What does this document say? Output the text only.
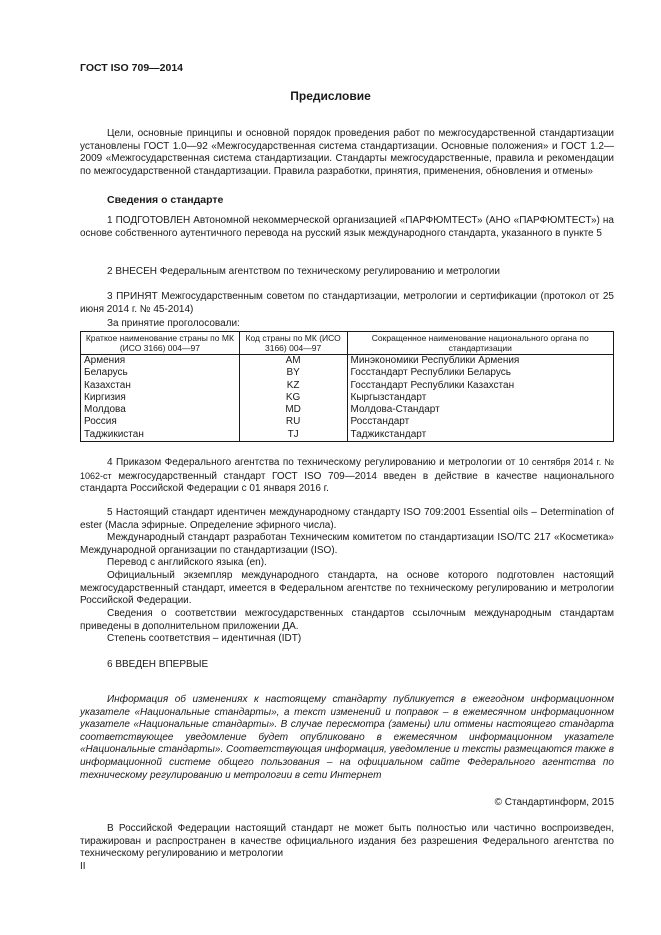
ГОСТ ISO 709—2014
Предисловие

Цели, основные принципы и основной порядок проведения работ по межгосударственной стандартизации установлены ГОСТ 1.0—92 «Межгосударственная система стандартизации. Основные положения» и ГОСТ 1.2—2009 «Межгосударственная система стандартизации. Стандарты межгосударственные, правила и рекомендации по межгосударственной стандартизации. Правила разработки, принятия, применения, обновления и отмены»

Сведения о стандарте

1 ПОДГОТОВЛЕН Автономной некоммерческой организацией «ПАРФЮМТЕСТ» (АНО «ПАРФЮМТЕСТ») на основе собственного аутентичного перевода на русский язык международного стандарта, указанного в пункте 5

2 ВНЕСЕН Федеральным агентством по техническому регулированию и метрологии

3 ПРИНЯТ Межгосударственным советом по стандартизации, метрологии и сертификации (протокол от 25 июня 2014 г. № 45-2014)

За принятие проголосовали:

Краткое наименование страны по МК (ИСО 3166) 004—97	Код страны по МК (ИСО 3166) 004—97	Сокращенное наименование национального органа по стандартизации
Армения	AM	Минэкономики Республики Армения
Беларусь	BY	Госстандарт Республики Беларусь
Казахстан	KZ	Госстандарт Республики Казахстан
Киргизия	KG	Кыргызстандарт
Молдова	MD	Молдова-Стандарт
Россия	RU	Росстандарт
Таджикистан	TJ	Таджикстандарт

4 Приказом Федерального агентства по техническому регулированию и метрологии от 10 сентября 2014 г. № 1062-ст межгосударственный стандарт ГОСТ ISO 709—2014 введен в действие в качестве национального стандарта Российской Федерации с 01 января 2016 г.

5 Настоящий стандарт идентичен международному стандарту ISO 709:2001 Essential oils – Determination of ester (Масла эфирные. Определение эфирного числа).

Международный стандарт разработан Техническим комитетом по стандартизации ISO/TC 217 «Косметика» Международной организации по стандартизации (ISO).

Перевод с английского языка (en).

Официальный экземпляр международного стандарта, на основе которого подготовлен настоящий межгосударственный стандарт, имеется в Федеральном агентстве по техническому регулированию и метрологии Российской Федерации.

Сведения о соответствии межгосударственных стандартов ссылочным международным стандартам приведены в дополнительном приложении ДА.

Степень соответствия – идентичная (IDT)

6 ВВЕДЕН ВПЕРВЫЕ

Информация об изменениях к настоящему стандарту публикуется в ежегодном информационном указателе «Национальные стандарты», а текст изменений и поправок – в ежемесячном информационном указателе «Национальные стандарты». В случае пересмотра (замены) или отмены настоящего стандарта соответствующее уведомление будет опубликовано в ежемесячном информационном указателе «Национальные стандарты». Соответствующая информация, уведомление и тексты размещаются также в информационной системе общего пользования – на официальном сайте Федерального агентства по техническому регулированию и метрологии в сети Интернет

© Стандартинформ, 2015

В Российской Федерации настоящий стандарт не может быть полностью или частично воспроизведен, тиражирован и распространен в качестве официального издания без разрешения Федерального агентства по техническому регулированию и метрологии

II
